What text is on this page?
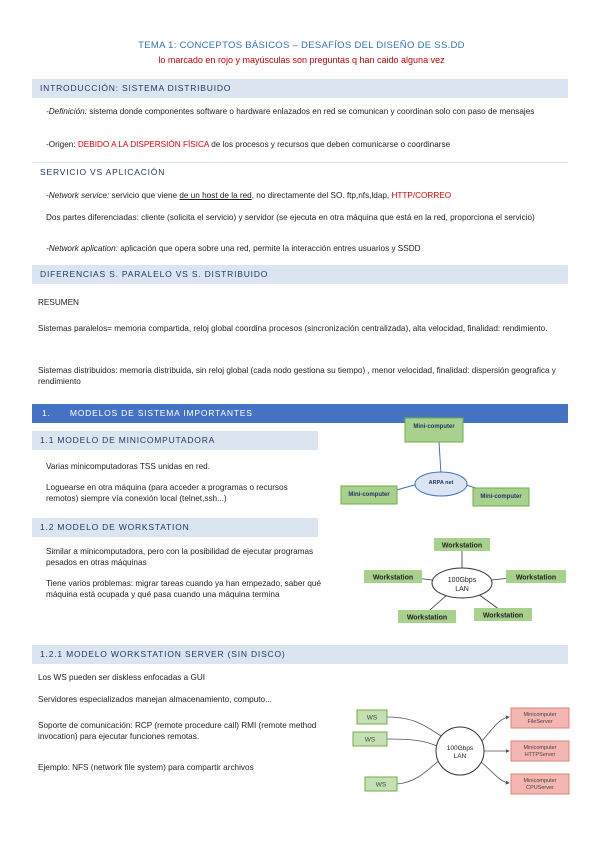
TEMA 1: CONCEPTOS BÁSICOS – DESAFÍOS DEL DISEÑO DE SS.DD
lo marcado en rojo y mayúsculas son preguntas q han caido alguna vez
INTRODUCCIÓN: SISTEMA DISTRIBUIDO
-Definición: sistema donde componentes software o hardware enlazados en red se comunican y coordinan solo con paso de mensajes
-Origen: DEBIDO A LA DISPERSIÓN FÍSICA de los procesos y recursos que deben comunicarse o coordinarse
SERVICIO VS APLICACIÓN
-Network service: servicio que viene de un host de la red, no directamente del SO. ftp,nfs,ldap, HTTP/CORREO
Dos partes diferenciadas: cliente (solicita el servicio) y servidor (se ejecuta en otra máquina que está en la red, proporciona el servicio)
-Network aplication: aplicación que opera sobre una red, permite la interacción entres usuarios y SSDD
DIFERENCIAS S. PARALELO VS S. DISTRIBUIDO
RESUMEN
Sistemas paralelos= memoria compartida, reloj global coordina procesos (sincronización centralizada), alta velocidad, finalidad: rendimiento.
Sistemas distribuidos: memoria distribuida, sin reloj global (cada nodo gestiona su tiempo) , menor velocidad, finalidad: dispersión geografica y rendimiento
1. MODELOS DE SISTEMA IMPORTANTES
1.1 MODELO DE MINICOMPUTADORA
Varias minicomputadoras TSS unidas en red.
Loguearse en otra máquina (para acceder a programas o recursos remotos) siempre vía conexión local (telnet,ssh...)
Mini-computer
ARPA net
Mini-computer	Mini-computer
1.2 MODELO DE WORKSTATION
Similar a minicomputadora, pero con la posibilidad de ejecutar programas pesados en otras máquinas
Tiene varios problemas: migrar tareas cuando ya han empezado, saber qué máquina está ocupada y qué pasa cuando una máquina termina
100Gbps
LAN
Workstation
Workstation	Workstation
Workstation	Workstation
1.2.1 MODELO WORKSTATION SERVER (SIN DISCO)
Los WS pueden ser diskless enfocadas a GUI
Servidores especializados manejan almacenamiento, computo...
Soporte de comunicación: RCP (remote procedure call) RMI (remote method invocation) para ejecutar funciones remotas.
Ejemplo: NFS (network file system) para compartir archivos
WS
WS
WS
100Gbps
LAN
Minicomputer
FileServer
Minicomputer
HTTPServer
Minicomputer
CPUServer
